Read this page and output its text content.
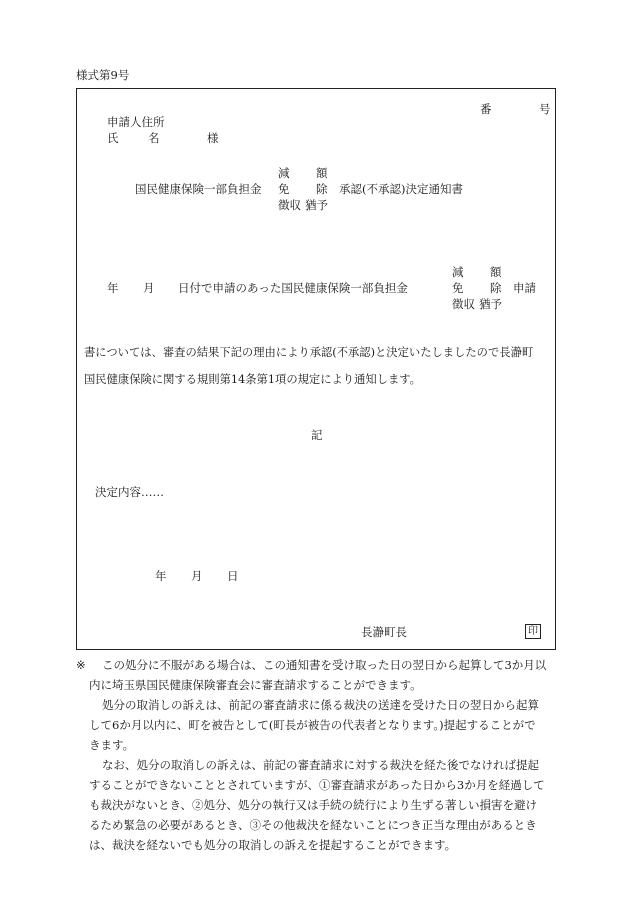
様式第9号
番	号
申請人住所
氏	名	様
国民健康保険一部負担金
減
免
徴収
額
除
猶予
承認(不承認)決定通知書
年 月 日付で申請のあった国民健康保険一部負担金
減
免
徴収
額
除
猶予
申請
書については、審査の結果下記の理由により承認(不承認)と決定いたしましたので長瀞町
国民健康保険に関する規則第14条第1項の規定により通知します。
記
決定内容……
年 月 日
長瀞町長	印
※ この処分に不服がある場合は、この通知書を受け取った日の翌日から起算して3か月以
内に埼玉県国民健康保険審査会に審査請求することができます。
処分の取消しの訴えは、前記の審査請求に係る裁決の送達を受けた日の翌日から起算
して6か月以内に、町を被告として(町長が被告の代表者となります。)提起することがで
きます。
なお、処分の取消しの訴えは、前記の審査請求に対する裁決を経た後でなければ提起
することができないこととされていますが、①審査請求があった日から3か月を経過して
も裁決がないとき、②処分、処分の執行又は手続の続行により生ずる著しい損害を避け
るため緊急の必要があるとき、③その他裁決を経ないことにつき正当な理由があるとき
は、裁決を経ないでも処分の取消しの訴えを提起することができます。
